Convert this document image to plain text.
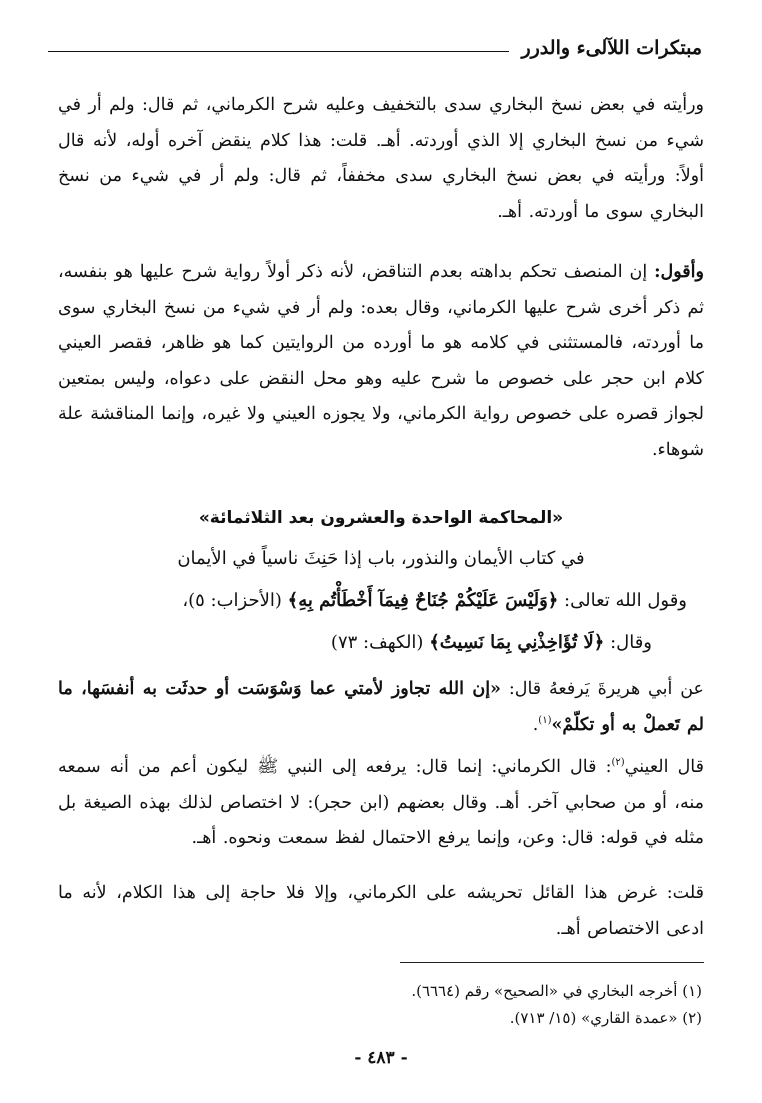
مبتكرات اللآلىء والدرر
ورأيته في بعض نسخ البخاري سدى بالتخفيف وعليه شرح الكرماني، ثم قال: ولم أر في شيء من نسخ البخاري إلا الذي أوردته. أهـ. قلت: هذا كلام ينقض آخره أوله، لأنه قال أولاً: ورأيته في بعض نسخ البخاري سدى مخففاً، ثم قال: ولم أر في شيء من نسخ البخاري سوى ما أوردته. أهـ.
وأقول: إن المنصف تحكم بداهته بعدم التناقض، لأنه ذكر أولاً رواية شرح عليها هو بنفسه، ثم ذكر أخرى شرح عليها الكرماني، وقال بعده: ولم أر في شيء من نسخ البخاري سوى ما أوردته، فالمستثنى في كلامه هو ما أورده من الروايتين كما هو ظاهر، فقصر العيني كلام ابن حجر على خصوص ما شرح عليه وهو محل النقض على دعواه، وليس بمتعين لجواز قصره على خصوص رواية الكرماني، ولا يجوزه العيني ولا غيره، وإنما المناقشة علة شوهاء.
«المحاكمة الواحدة والعشرون بعد الثلاثمائة»
في كتاب الأيمان والنذور، باب إذا حَنِثَ ناسياً في الأيمان
وقول الله تعالى: ﴿وَلَيْسَ عَلَيْكُمْ جُنَاحٌ فِيمَآ أَخْطَأْتُم بِهِ﴾ (الأحزاب: ٥)،
وقال: ﴿لَا تُؤَاخِذْنِي بِمَا نَسِيتُ﴾ (الكهف: ٧٣)
عن أبي هريرةَ يَرفعهُ قال: «إن الله تجاوز لأمتي عما وَسْوَسَت أو حدثَت به أنفسَها، ما لم تَعملْ به أو تكلّمْ»$^{(١)}$.
قال العيني$^{(٢)}$: قال الكرماني: إنما قال: يرفعه إلى النبي ﷺ ليكون أعم من أنه سمعه منه، أو من صحابي آخر. أهـ. وقال بعضهم (ابن حجر): لا اختصاص لذلك بهذه الصيغة بل مثله في قوله: قال: وعن، وإنما يرفع الاحتمال لفظ سمعت ونحوه. أهـ.
قلت: غرض هذا القائل تحريشه على الكرماني، وإلا فلا حاجة إلى هذا الكلام، لأنه ما ادعى الاختصاص أهـ.
(١) أخرجه البخاري في «الصحيح» رقم (٦٦٦٤).
(٢) «عمدة القاري» (١٥/ ٧١٣).
- ٤٨٣ -
